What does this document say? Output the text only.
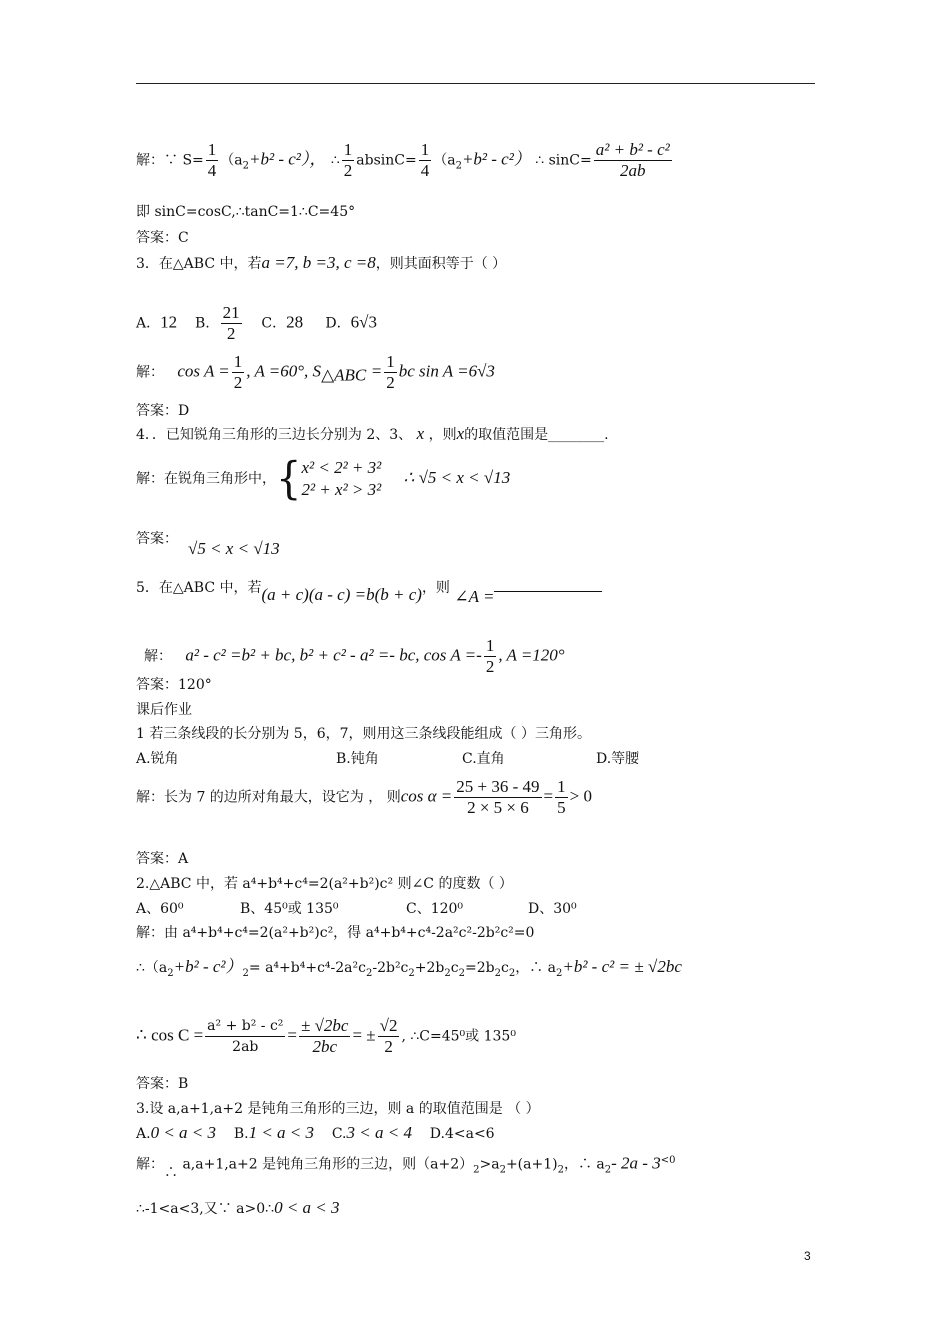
解：∵ $S= \frac{1}{4} (a_2+b^2 - c^2)$， ∴ $\frac{1}{2} absinC= \frac{1}{4} (a_2+b^2 - c^2)$ ∴ $\sin C= \frac{\text{a² + b² - c²}}{2ab}$
即 sinC=cosC,∴tanC=1∴C=45°
答案：C
3．在△ABC 中，若a =7, b =3, c =8，则其面积等于（ ）
A．12 B. $\frac{21}{2}$ C．28 D．6√3
解： $\cos A = \frac{1}{2}$ , A =60°, $S_{\triangle ABC} = \frac{1}{2}$ bc sin A =6√3
答案：D
4．．已知锐角三角形的三边长分别为 2、3、 x ，则x的取值范围是________.
解：在锐角三角形中，{ x² < 2² + 3²
2² + x² > 3²
∴ √5 < x < √13
答案： √5 < x < √13
5．在△ABC 中，若(a + c)(a - c) =b(b + c)，则 ∠A =
解： a² - c² =b² + bc, b² + c² - a² =- bc, $\cos A =- \frac{1}{2}$ , A =120°
答案：120°
课后作业
1 若三条线段的长分别为 5，6，7，则用这三条线段能组成（ ）三角形。
A.锐角	B.钝角	C.直角	D.等腰
解：长为 7 的边所对角最大，设它为 ， 则$\cos \alpha = \frac{25 + 36 - 49}{2 \times 5 \times 6} = \frac{1}{5} > 0$
答案：A
2.△ABC 中，若 a⁴+b⁴+c⁴=2(a²+b²)c² 则∠C 的度数（ ）
A、60⁰	B、45⁰或 135⁰	C、120⁰	D、30⁰
解：由 a⁴+b⁴+c⁴=2(a²+b²)c²，得 a⁴+b⁴+c⁴-2a²c²-2b²c²=0
$\therefore(a_2+b^2 - c^2)_2= a^4+b^4+c^4-2a^2c_2-2b^2c_2+2b_2c_2=2b_2c_2$，∴ $a_2+b^2 - c^2$ = ± √2bc
∴ $\cos C = \frac{\text{a² + b² - c²}}{2ab} = \frac{\pm √2bc}{2bc}$ = ± $\frac{√2}{2}$ , ∴C=45⁰或 135⁰
答案：B
3.设 a,a+1,a+2 是钝角三角形的三边，则 a 的取值范围是 （ ）
A.0 < a < 3 B.1 < a < 3 C.3 < a < 4 D.4<a<6
解：∴ a,a+1,a+2 是钝角三角形的三边，则$(a+2)_2>a_2+(a+1)_2$，∴ $a_2-$ $2a - 3^{<0}$
∴-1<a<3,又∵ a>0∴0 < a < 3
3
